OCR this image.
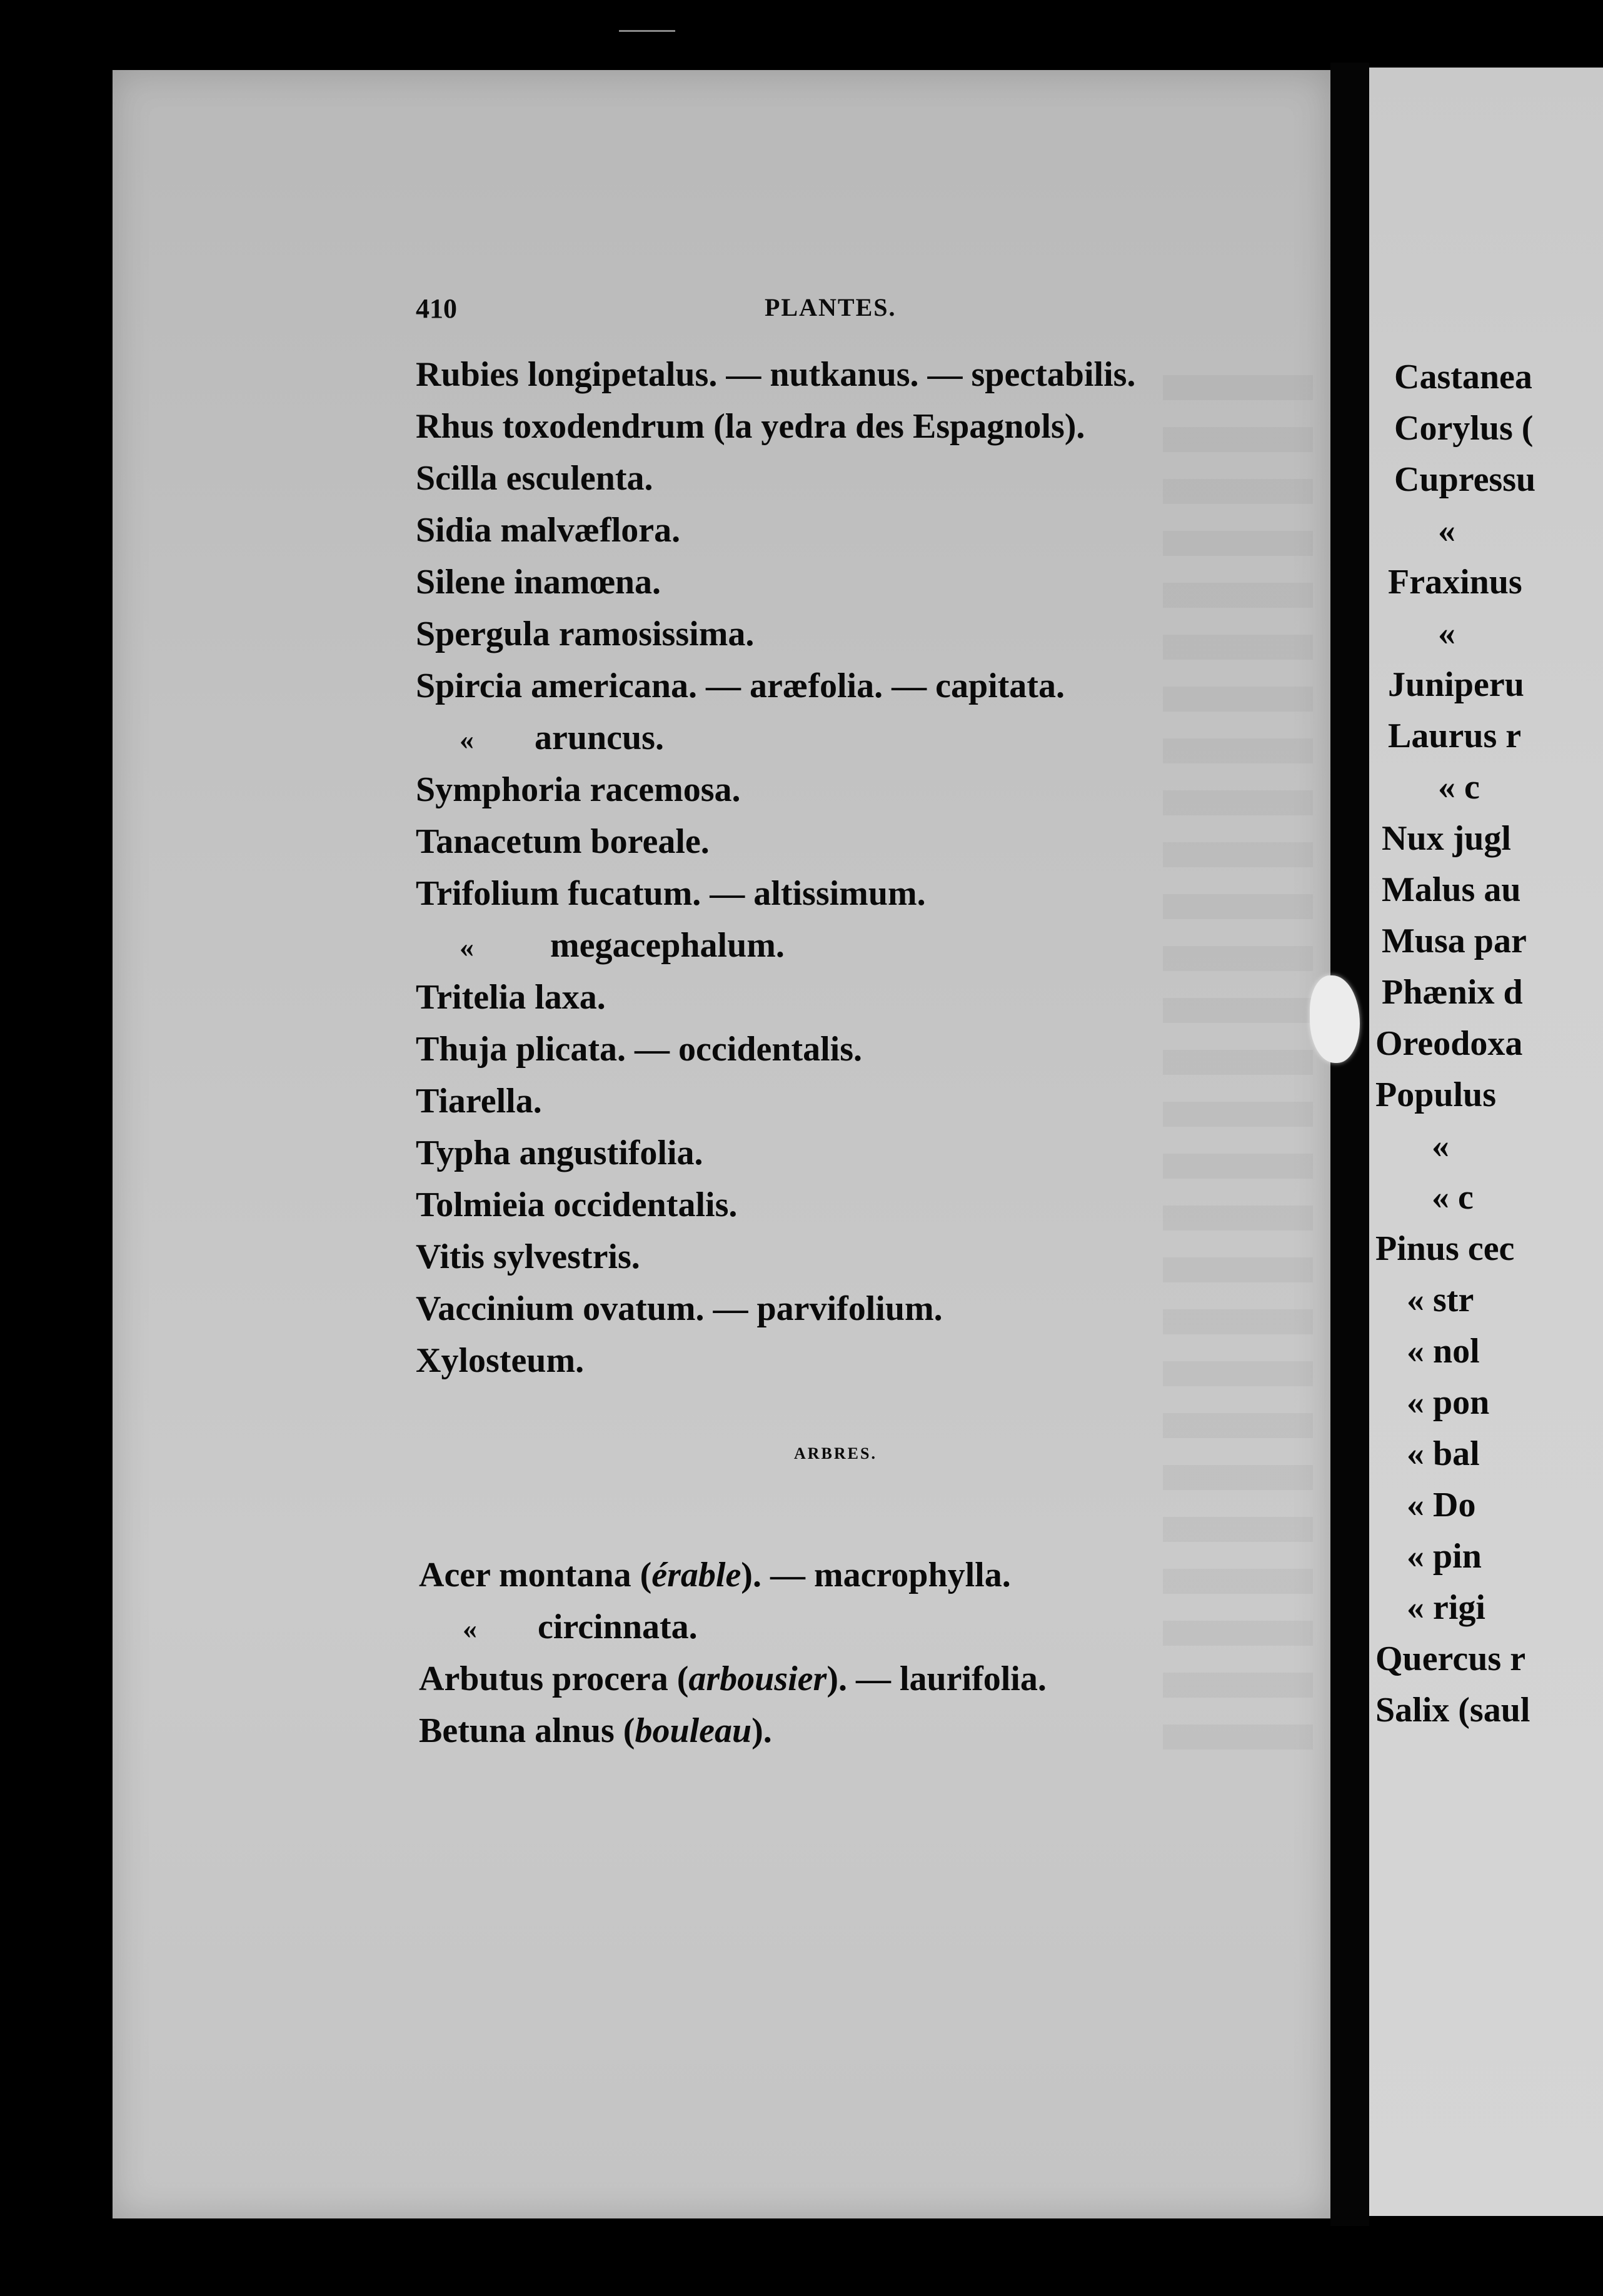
410	PLANTES.
Rubies longipetalus. — nutkanus. — spectabilis.
Rhus toxodendrum (la yedra des Espagnols).
Scilla esculenta.
Sidia malvæflora.
Silene inamœna.
Spergula ramosissima.
Spircia americana. — aræfolia. — capitata.
« aruncus.
Symphoria racemosa.
Tanacetum boreale.
Trifolium fucatum. — altissimum.
« megacephalum.
Tritelia laxa.
Thuja plicata. — occidentalis.
Tiarella.
Typha angustifolia.
Tolmieia occidentalis.
Vitis sylvestris.
Vaccinium ovatum. — parvifolium.
Xylosteum.
ARBRES.
Acer montana (érable). — macrophylla.
« circinnata.
Arbutus procera (arbousier). — laurifolia.
Betuna alnus (bouleau).
Castanea
Corylus (
Cupressu
«
Fraxinus
«
Juniperu
Laurus r
« c
Nux jugl
Malus au
Musa par
Phænix d
Oreodoxa
Populus
«
« c
Pinus cec
« str
« nol
« pon
« bal
« Do
« pin
« rigi
Quercus r
Salix (saul
